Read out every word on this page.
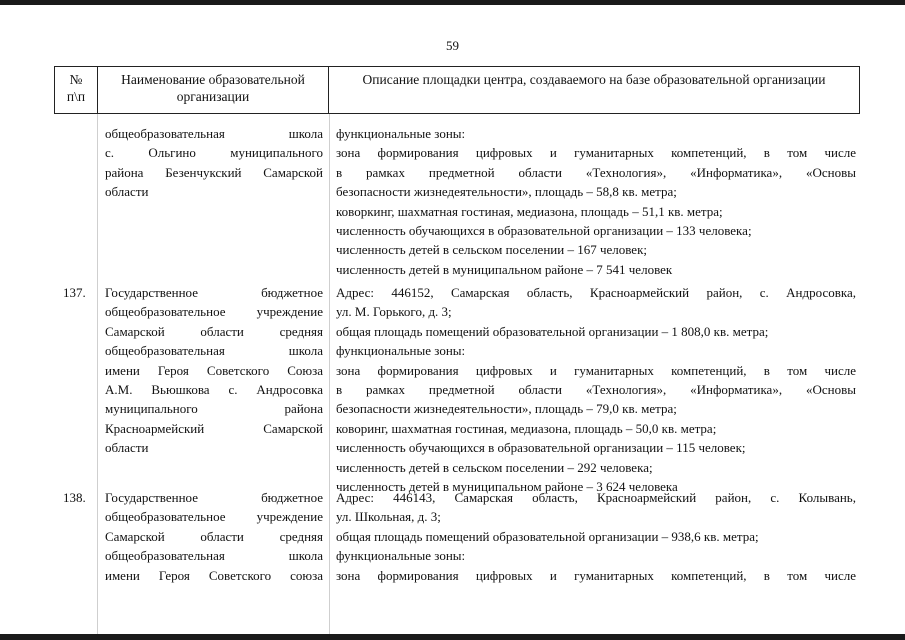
59
№
п\п
Наименование образовательной
организации
Описание площадки центра, создаваемого на базе образовательной организации
общеобразовательная школа
с. Ольгино муниципального
района Безенчукский Самарской
области
функциональные зоны:
зона формирования цифровых и гуманитарных компетенций, в том числе
в рамках предметной области «Технология», «Информатика», «Основы
безопасности жизнедеятельности», площадь – 58,8 кв. метра;
коворкинг, шахматная гостиная, медиазона, площадь – 51,1 кв. метра;
численность обучающихся в образовательной организации – 133 человека;
численность детей в сельском поселении – 167 человек;
численность детей в муниципальном районе – 7 541 человек
137.	Государственное бюджетное
общеобразовательное учреждение
Самарской области средняя
общеобразовательная школа
имени Героя Советского Союза
А.М. Вьюшкова с. Андросовка
муниципального района
Красноармейский Самарской
области
Адрес: 446152, Самарская область, Красноармейский район, с. Андросовка,
ул. М. Горького, д. 3;
общая площадь помещений образовательной организации – 1 808,0 кв. метра;
функциональные зоны:
зона формирования цифровых и гуманитарных компетенций, в том числе
в рамках предметной области «Технология», «Информатика», «Основы
безопасности жизнедеятельности», площадь – 79,0 кв. метра;
коворинг, шахматная гостиная, медиазона, площадь – 50,0 кв. метра;
численность обучающихся в образовательной организации – 115 человек;
численность детей в сельском поселении – 292 человека;
численность детей в муниципальном районе – 3 624 человека
138.	Государственное бюджетное
общеобразовательное учреждение
Самарской области средняя
общеобразовательная школа
имени Героя Советского союза
Адрес: 446143, Самарская область, Красноармейский район, с. Колывань,
ул. Школьная, д. 3;
общая площадь помещений образовательной организации – 938,6 кв. метра;
функциональные зоны:
зона формирования цифровых и гуманитарных компетенций, в том числе
